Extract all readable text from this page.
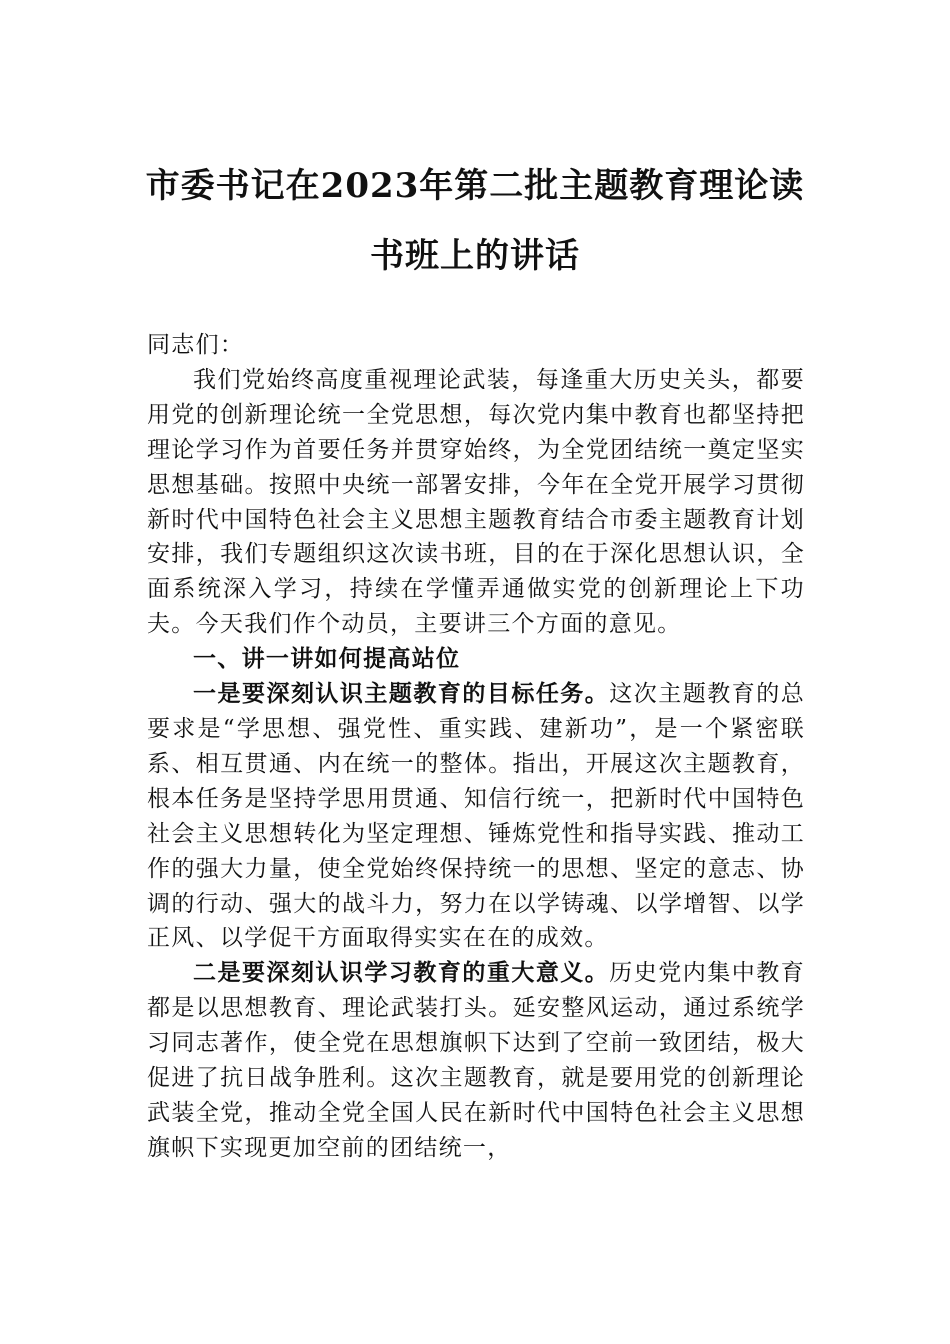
市委书记在2023年第二批主题教育理论读
书班上的讲话

同志们：

我们党始终高度重视理论武装，每逢重大历史关头，都要用党的创新理论统一全党思想，每次党内集中教育也都坚持把理论学习作为首要任务并贯穿始终，为全党团结统一奠定坚实思想基础。按照中央统一部署安排，今年在全党开展学习贯彻新时代中国特色社会主义思想主题教育结合市委主题教育计划安排，我们专题组织这次读书班，目的在于深化思想认识，全面系统深入学习，持续在学懂弄通做实党的创新理论上下功夫。今天我们作个动员，主要讲三个方面的意见。

一、讲一讲如何提高站位

一是要深刻认识主题教育的目标任务。这次主题教育的总要求是“学思想、强党性、重实践、建新功”，是一个紧密联系、相互贯通、内在统一的整体。指出，开展这次主题教育，根本任务是坚持学思用贯通、知信行统一，把新时代中国特色社会主义思想转化为坚定理想、锤炼党性和指导实践、推动工作的强大力量，使全党始终保持统一的思想、坚定的意志、协调的行动、强大的战斗力，努力在以学铸魂、以学增智、以学正风、以学促干方面取得实实在在的成效。

二是要深刻认识学习教育的重大意义。历史党内集中教育都是以思想教育、理论武装打头。延安整风运动，通过系统学习同志著作，使全党在思想旗帜下达到了空前一致团结，极大促进了抗日战争胜利。这次主题教育，就是要用党的创新理论武装全党，推动全党全国人民在新时代中国特色社会主义思想旗帜下实现更加空前的团结统一，
